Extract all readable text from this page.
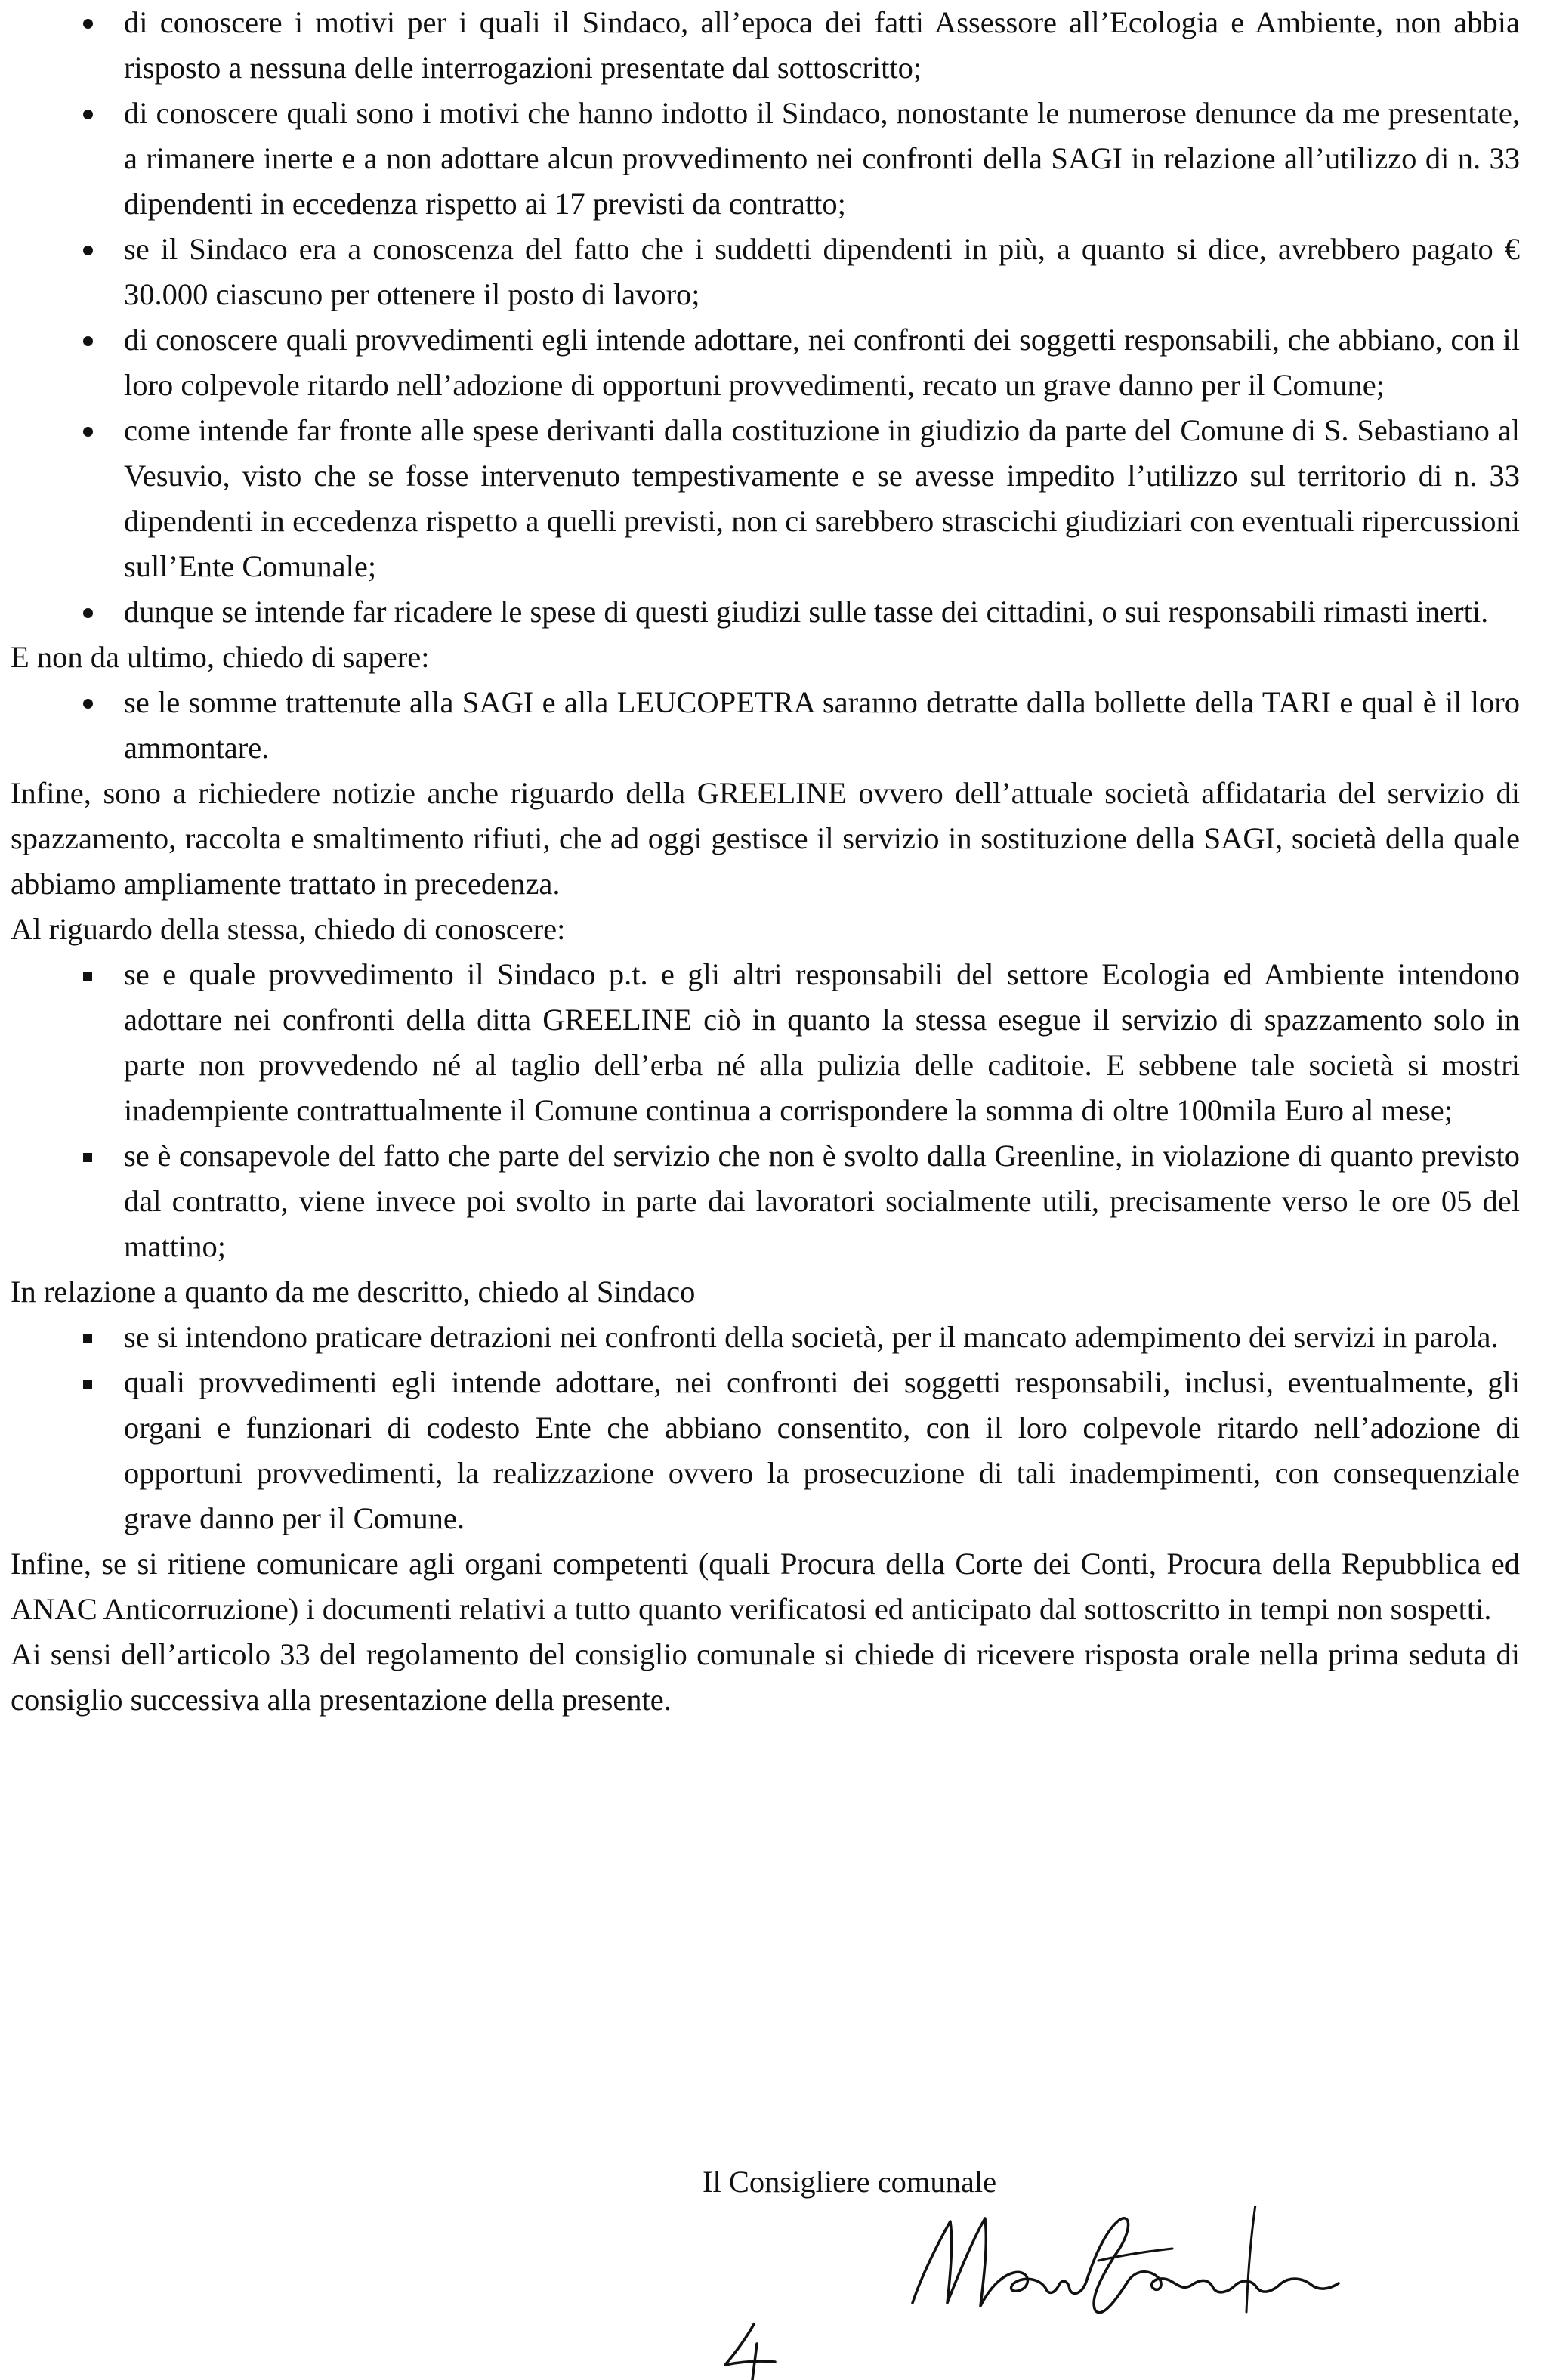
di conoscere i motivi per i quali il Sindaco, all’epoca dei fatti Assessore all’Ecologia e Ambiente, non abbia risposto a nessuna delle interrogazioni presentate dal sottoscritto;
di conoscere quali sono i motivi che hanno indotto il Sindaco, nonostante le numerose denunce da me presentate, a rimanere inerte e a non adottare alcun provvedimento nei confronti della SAGI in relazione all’utilizzo di n. 33 dipendenti in eccedenza rispetto ai 17 previsti da contratto;
se il Sindaco era a conoscenza del fatto che i suddetti dipendenti in più, a quanto si dice, avrebbero pagato € 30.000 ciascuno per ottenere il posto di lavoro;
di conoscere quali provvedimenti egli intende adottare, nei confronti dei soggetti responsabili, che abbiano, con il loro colpevole ritardo nell’adozione di opportuni provvedimenti, recato un grave danno per il Comune;
come intende far fronte alle spese derivanti dalla costituzione in giudizio da parte del Comune di S. Sebastiano al Vesuvio, visto che se fosse intervenuto tempestivamente e se avesse impedito l’utilizzo sul territorio di n. 33 dipendenti in eccedenza rispetto a quelli previsti, non ci sarebbero strascichi giudiziari con eventuali ripercussioni sull’Ente Comunale;
dunque se intende far ricadere le spese di questi giudizi sulle tasse dei cittadini, o sui responsabili rimasti inerti.

E non da ultimo, chiedo di sapere:

se le somme trattenute alla SAGI e alla LEUCOPETRA saranno detratte dalla bollette della TARI e qual è il loro ammontare.

Infine, sono a richiedere notizie anche riguardo della GREELINE ovvero dell’attuale società affidataria del servizio di spazzamento, raccolta e smaltimento rifiuti, che ad oggi gestisce il servizio in sostituzione della SAGI, società della quale abbiamo ampliamente trattato in precedenza.

Al riguardo della stessa, chiedo di conoscere:

se e quale provvedimento il Sindaco p.t. e gli altri responsabili del settore Ecologia ed Ambiente intendono adottare nei confronti della ditta GREELINE ciò in quanto la stessa esegue il servizio di spazzamento solo in parte non provvedendo né al taglio dell’erba né alla pulizia delle caditoie. E sebbene tale società si mostri inadempiente contrattualmente il Comune continua a corrispondere la somma di oltre 100mila Euro al mese;
se è consapevole del fatto che parte del servizio che non è svolto dalla Greenline, in violazione di quanto previsto dal contratto, viene invece poi svolto in parte dai lavoratori socialmente utili, precisamente verso le ore 05 del mattino;

In relazione a quanto da me descritto, chiedo al Sindaco

se si intendono praticare detrazioni nei confronti della società, per il mancato adempimento dei servizi in parola.
quali provvedimenti egli intende adottare, nei confronti dei soggetti responsabili, inclusi, eventualmente, gli organi e funzionari di codesto Ente che abbiano consentito, con il loro colpevole ritardo nell’adozione di opportuni provvedimenti, la realizzazione ovvero la prosecuzione di tali inadempimenti, con consequenziale grave danno per il Comune.

Infine, se si ritiene comunicare agli organi competenti (quali Procura della Corte dei Conti, Procura della Repubblica ed ANAC Anticorruzione) i documenti relativi a tutto quanto verificatosi ed anticipato dal sottoscritto in tempi non sospetti.

Ai sensi dell’articolo 33 del regolamento del consiglio comunale si chiede di ricevere risposta orale nella prima seduta di consiglio successiva alla presentazione della presente.

Il Consigliere comunale
4
